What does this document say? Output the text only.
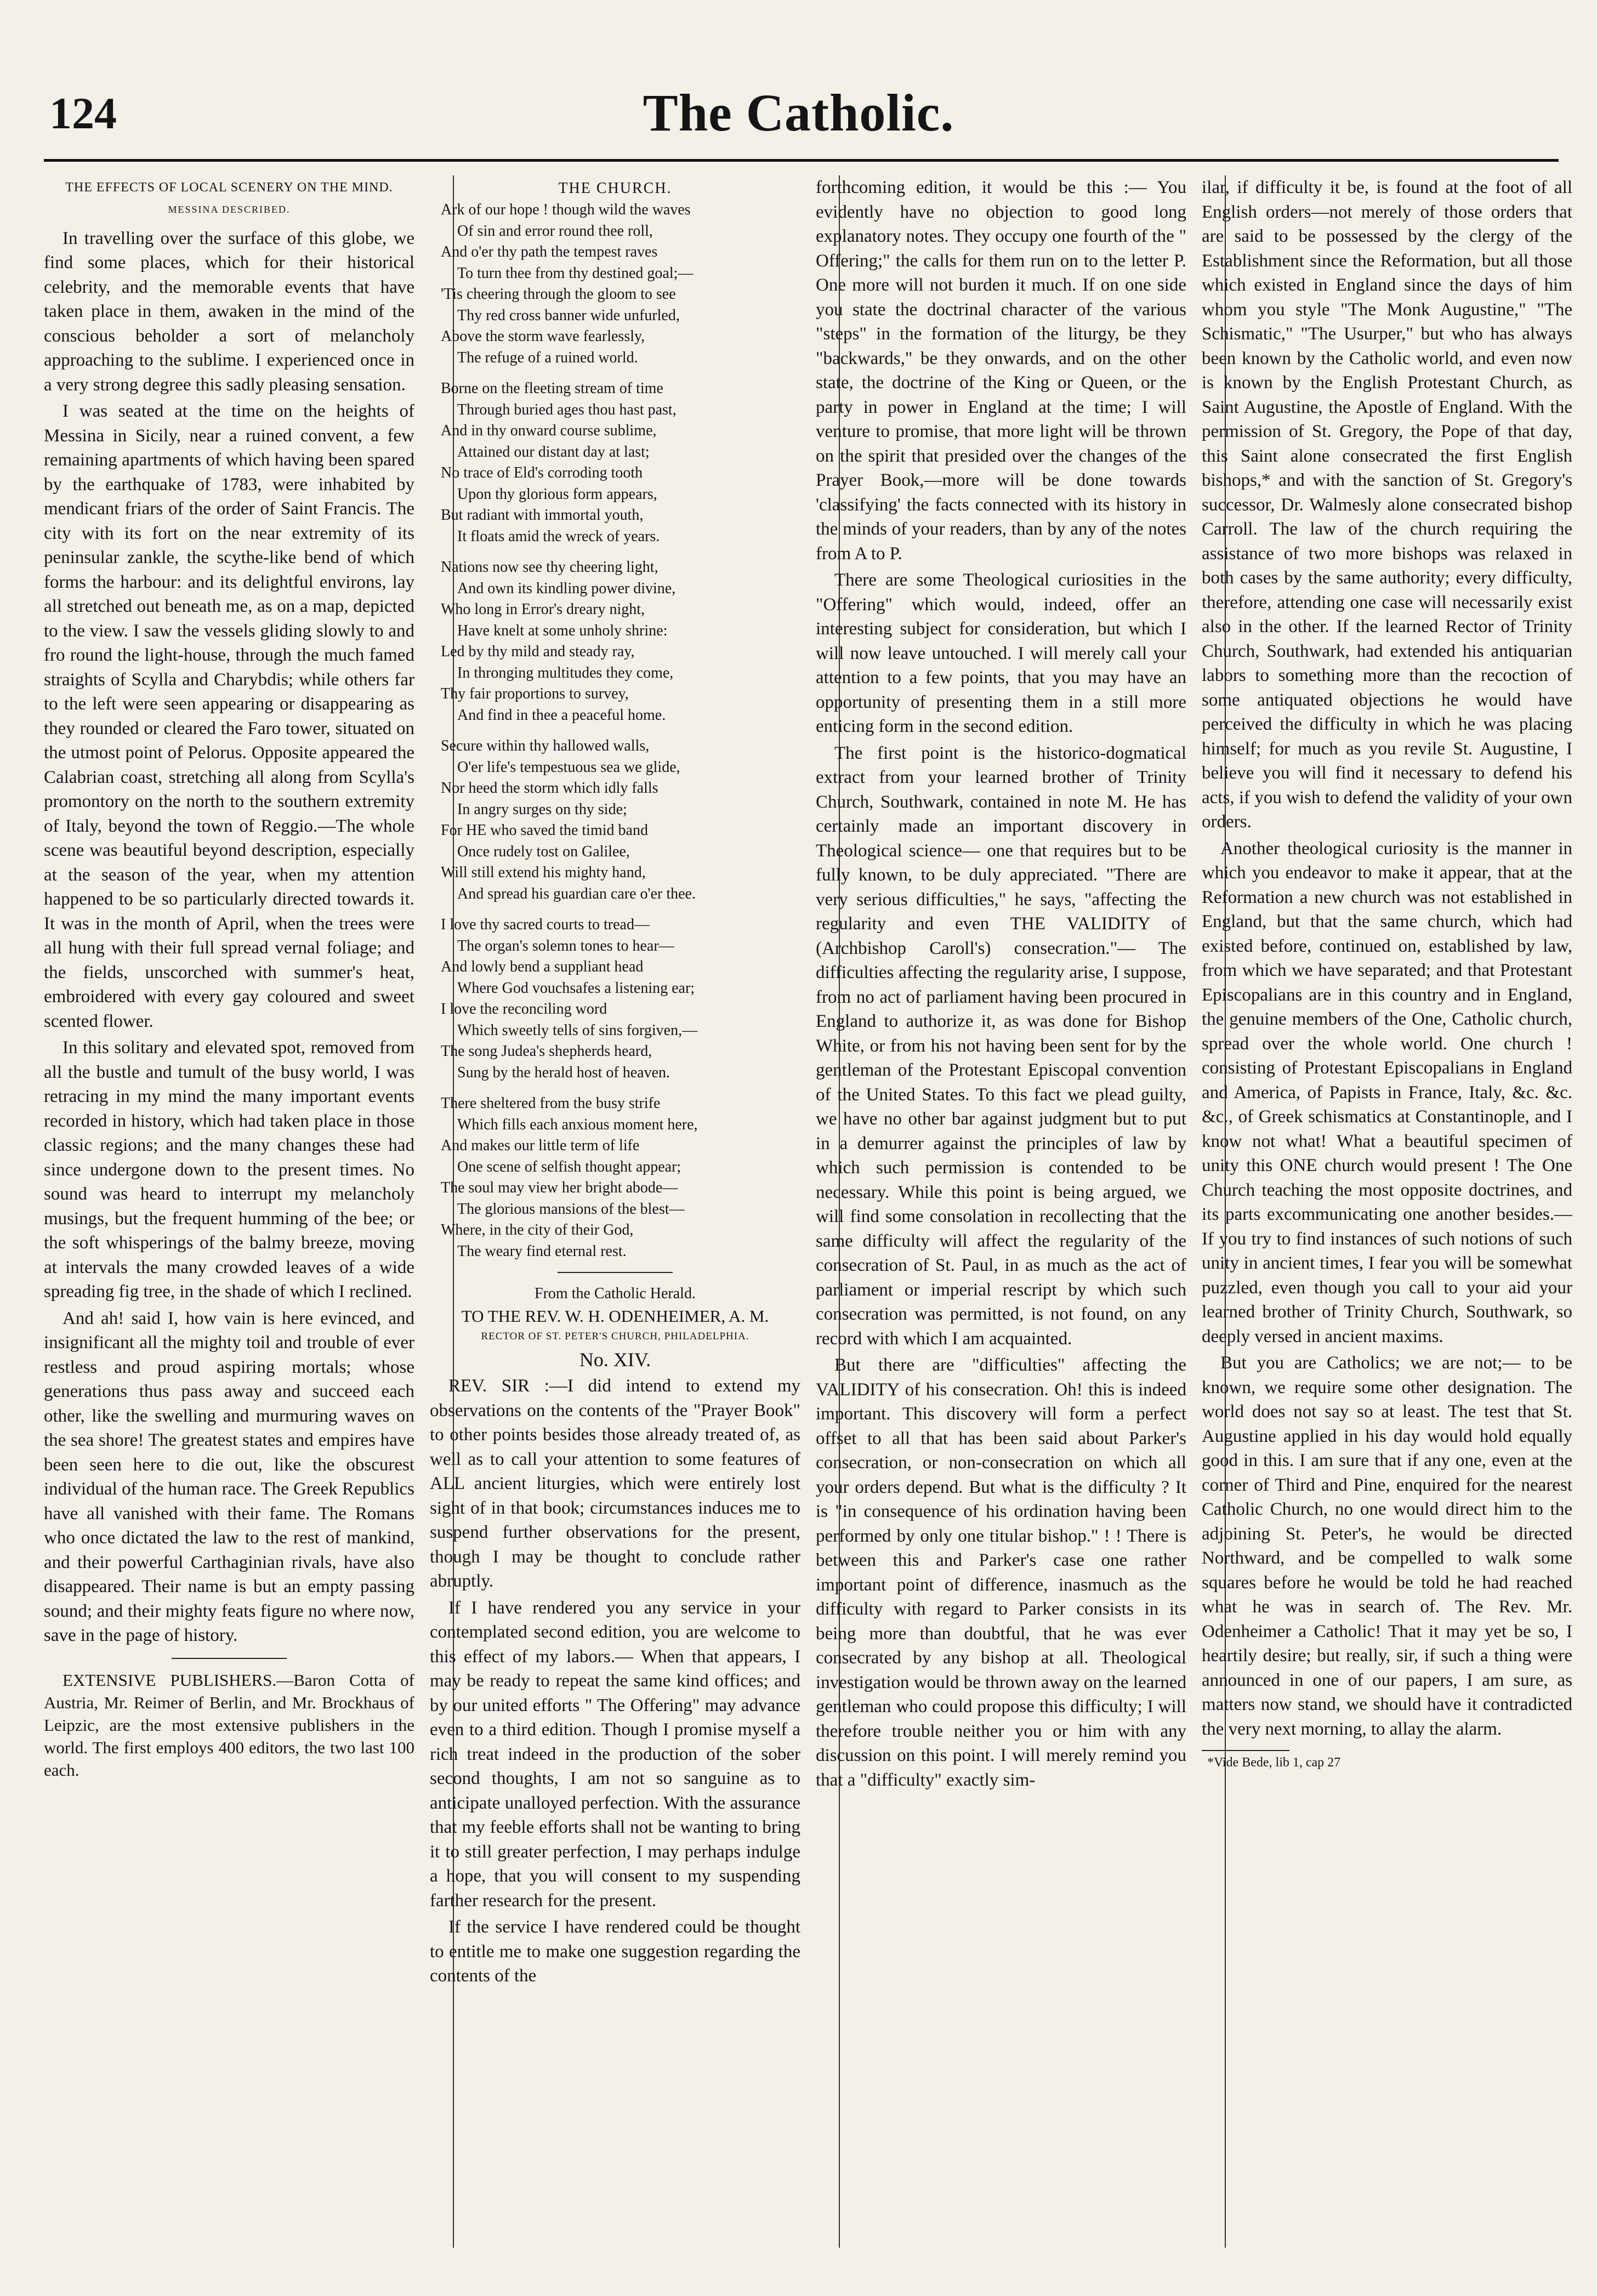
124	The Catholic.
THE EFFECTS OF LOCAL SCENERY ON THE MIND.
MESSINA DESCRIBED.

In travelling over the surface of this globe, we find some places, which for their historical celebrity, and the memorable events that have taken place in them, awaken in the mind of the conscious beholder a sort of melancholy approaching to the sublime. I experienced once in a very strong degree this sadly pleasing sensation.

I was seated at the time on the heights of Messina in Sicily, near a ruined convent, a few remaining apartments of which having been spared by the earthquake of 1783, were inhabited by mendicant friars of the order of Saint Francis. The city with its fort on the near extremity of its peninsular zankle, the scythe-like bend of which forms the harbour: and its delightful environs, lay all stretched out beneath me, as on a map, depicted to the view. I saw the vessels gliding slowly to and fro round the light-house, through the much famed straights of Scylla and Charybdis; while others far to the left were seen appearing or disappearing as they rounded or cleared the Faro tower, situated on the utmost point of Pelorus. Opposite appeared the Calabrian coast, stretching all along from Scylla's promontory on the north to the southern extremity of Italy, beyond the town of Reggio.—The whole scene was beautiful beyond description, especially at the season of the year, when my attention happened to be so particularly directed towards it. It was in the month of April, when the trees were all hung with their full spread vernal foliage; and the fields, unscorched with summer's heat, embroidered with every gay coloured and sweet scented flower.

In this solitary and elevated spot, removed from all the bustle and tumult of the busy world, I was retracing in my mind the many important events recorded in history, which had taken place in those classic regions; and the many changes these had since undergone down to the present times. No sound was heard to interrupt my melancholy musings, but the frequent humming of the bee; or the soft whisperings of the balmy breeze, moving at intervals the many crowded leaves of a wide spreading fig tree, in the shade of which I reclined.

And ah! said I, how vain is here evinced, and insignificant all the mighty toil and trouble of ever restless and proud aspiring mortals; whose generations thus pass away and succeed each other, like the swelling and murmuring waves on the sea shore! The greatest states and empires have been seen here to die out, like the obscurest individual of the human race. The Greek Republics have all vanished with their fame. The Romans who once dictated the law to the rest of mankind, and their powerful Carthaginian rivals, have also disappeared. Their name is but an empty passing sound; and their mighty feats figure no where now, save in the page of history.

EXTENSIVE PUBLISHERS.—Baron Cotta of Austria, Mr. Reimer of Berlin, and Mr. Brockhaus of Leipzic, are the most extensive publishers in the world. The first employs 400 editors, the two last 100 each.

THE CHURCH.
Ark of our hope ! though wild the waves
Of sin and error round thee roll,
And o'er thy path the tempest raves
To turn thee from thy destined goal;—
'Tis cheering through the gloom to see
Thy red cross banner wide unfurled,
Above the storm wave fearlessly,
The refuge of a ruined world.
Borne on the fleeting stream of time
Through buried ages thou hast past,
And in thy onward course sublime,
Attained our distant day at last;
No trace of Eld's corroding tooth
Upon thy glorious form appears,
But radiant with immortal youth,
It floats amid the wreck of years.
Nations now see thy cheering light,
And own its kindling power divine,
Who long in Error's dreary night,
Have knelt at some unholy shrine:
Led by thy mild and steady ray,
In thronging multitudes they come,
Thy fair proportions to survey,
And find in thee a peaceful home.
Secure within thy hallowed walls,
O'er life's tempestuous sea we glide,
Nor heed the storm which idly falls
In angry surges on thy side;
For HE who saved the timid band
Once rudely tost on Galilee,
Will still extend his mighty hand,
And spread his guardian care o'er thee.
I love thy sacred courts to tread—
The organ's solemn tones to hear—
And lowly bend a suppliant head
Where God vouchsafes a listening ear;
I love the reconciling word
Which sweetly tells of sins forgiven,—
The song Judea's shepherds heard,
Sung by the herald host of heaven.
There sheltered from the busy strife
Which fills each anxious moment here,
And makes our little term of life
One scene of selfish thought appear;
The soul may view her bright abode—
The glorious mansions of the blest—
Where, in the city of their God,
The weary find eternal rest.
From the Catholic Herald.
TO THE REV. W. H. ODENHEIMER, A. M.
RECTOR OF ST. PETER'S CHURCH, PHILADELPHIA.
No. XIV.

REV. SIR :—I did intend to extend my observations on the contents of the "Prayer Book" to other points besides those already treated of, as well as to call your attention to some features of ALL ancient liturgies, which were entirely lost sight of in that book; circumstances induces me to suspend further observations for the present, though I may be thought to conclude rather abruptly.

If I have rendered you any service in your contemplated second edition, you are welcome to this effect of my labors.— When that appears, I may be ready to repeat the same kind offices; and by our united efforts " The Offering" may advance even to a third edition. Though I promise myself a rich treat indeed in the production of the sober second thoughts, I am not so sanguine as to anticipate unalloyed perfection. With the assurance that my feeble efforts shall not be wanting to bring it to still greater perfection, I may perhaps indulge a hope, that you will consent to my suspending farther research for the present.

If the service I have rendered could be thought to entitle me to make one suggestion regarding the contents of the

forthcoming edition, it would be this :— You evidently have no objection to good long explanatory notes. They occupy one fourth of the " Offering;" the calls for them run on to the letter P. One more will not burden it much. If on one side you state the doctrinal character of the various "steps" in the formation of the liturgy, be they "backwards," be they onwards, and on the other state, the doctrine of the King or Queen, or the party in power in England at the time; I will venture to promise, that more light will be thrown on the spirit that presided over the changes of the Prayer Book,—more will be done towards 'classifying' the facts connected with its history in the minds of your readers, than by any of the notes from A to P.

There are some Theological curiosities in the "Offering" which would, indeed, offer an interesting subject for consideration, but which I will now leave untouched. I will merely call your attention to a few points, that you may have an opportunity of presenting them in a still more enticing form in the second edition.

The first point is the historico-dogmatical extract from your learned brother of Trinity Church, Southwark, contained in note M. He has certainly made an important discovery in Theological science— one that requires but to be fully known, to be duly appreciated. "There are very serious difficulties," he says, "affecting the regularity and even THE VALIDITY of (Archbishop Caroll's) consecration."— The difficulties affecting the regularity arise, I suppose, from no act of parliament having been procured in England to authorize it, as was done for Bishop White, or from his not having been sent for by the gentleman of the Protestant Episcopal convention of the United States. To this fact we plead guilty, we have no other bar against judgment but to put in a demurrer against the principles of law by which such permission is contended to be necessary. While this point is being argued, we will find some consolation in recollecting that the same difficulty will affect the regularity of the consecration of St. Paul, in as much as the act of parliament or imperial rescript by which such consecration was permitted, is not found, on any record with which I am acquainted.

But there are "difficulties" affecting the VALIDITY of his consecration. Oh! this is indeed important. This discovery will form a perfect offset to all that has been said about Parker's consecration, or non-consecration on which all your orders depend. But what is the difficulty ? It is "in consequence of his ordination having been performed by only one titular bishop." ! ! There is between this and Parker's case one rather important point of difference, inasmuch as the difficulty with regard to Parker consists in its being more than doubtful, that he was ever consecrated by any bishop at all. Theological investigation would be thrown away on the learned gentleman who could propose this difficulty; I will therefore trouble neither you or him with any discussion on this point. I will merely remind you that a "difficulty" exactly sim-

ilar, if difficulty it be, is found at the foot of all English orders—not merely of those orders that are said to be possessed by the clergy of the Establishment since the Reformation, but all those which existed in England since the days of him whom you style "The Monk Augustine," "The Schismatic," "The Usurper," but who has always been known by the Catholic world, and even now is known by the English Protestant Church, as Saint Augustine, the Apostle of England. With the permission of St. Gregory, the Pope of that day, this Saint alone consecrated the first English bishops,* and with the sanction of St. Gregory's successor, Dr. Walmesly alone consecrated bishop Carroll. The law of the church requiring the assistance of two more bishops was relaxed in both cases by the same authority; every difficulty, therefore, attending one case will necessarily exist also in the other. If the learned Rector of Trinity Church, Southwark, had extended his antiquarian labors to something more than the recoction of some antiquated objections he would have perceived the difficulty in which he was placing himself; for much as you revile St. Augustine, I believe you will find it necessary to defend his acts, if you wish to defend the validity of your own orders.

Another theological curiosity is the manner in which you endeavor to make it appear, that at the Reformation a new church was not established in England, but that the same church, which had existed before, continued on, established by law, from which we have separated; and that Protestant Episcopalians are in this country and in England, the genuine members of the One, Catholic church, spread over the whole world. One church ! consisting of Protestant Episcopalians in England and America, of Papists in France, Italy, &c. &c. &c., of Greek schismatics at Constantinople, and I know not what! What a beautiful specimen of unity this ONE church would present ! The One Church teaching the most opposite doctrines, and its parts excommunicating one another besides.— If you try to find instances of such notions of such unity in ancient times, I fear you will be somewhat puzzled, even though you call to your aid your learned brother of Trinity Church, Southwark, so deeply versed in ancient maxims.

But you are Catholics; we are not;— to be known, we require some other designation. The world does not say so at least. The test that St. Augustine applied in his day would hold equally good in this. I am sure that if any one, even at the corner of Third and Pine, enquired for the nearest Catholic Church, no one would direct him to the adjoining St. Peter's, he would be directed Northward, and be compelled to walk some squares before he would be told he had reached what he was in search of. The Rev. Mr. Odenheimer a Catholic! That it may yet be so, I heartily desire; but really, sir, if such a thing were announced in one of our papers, I am sure, as matters now stand, we should have it contradicted the very next morning, to allay the alarm.

*Vide Bede, lib 1, cap 27
